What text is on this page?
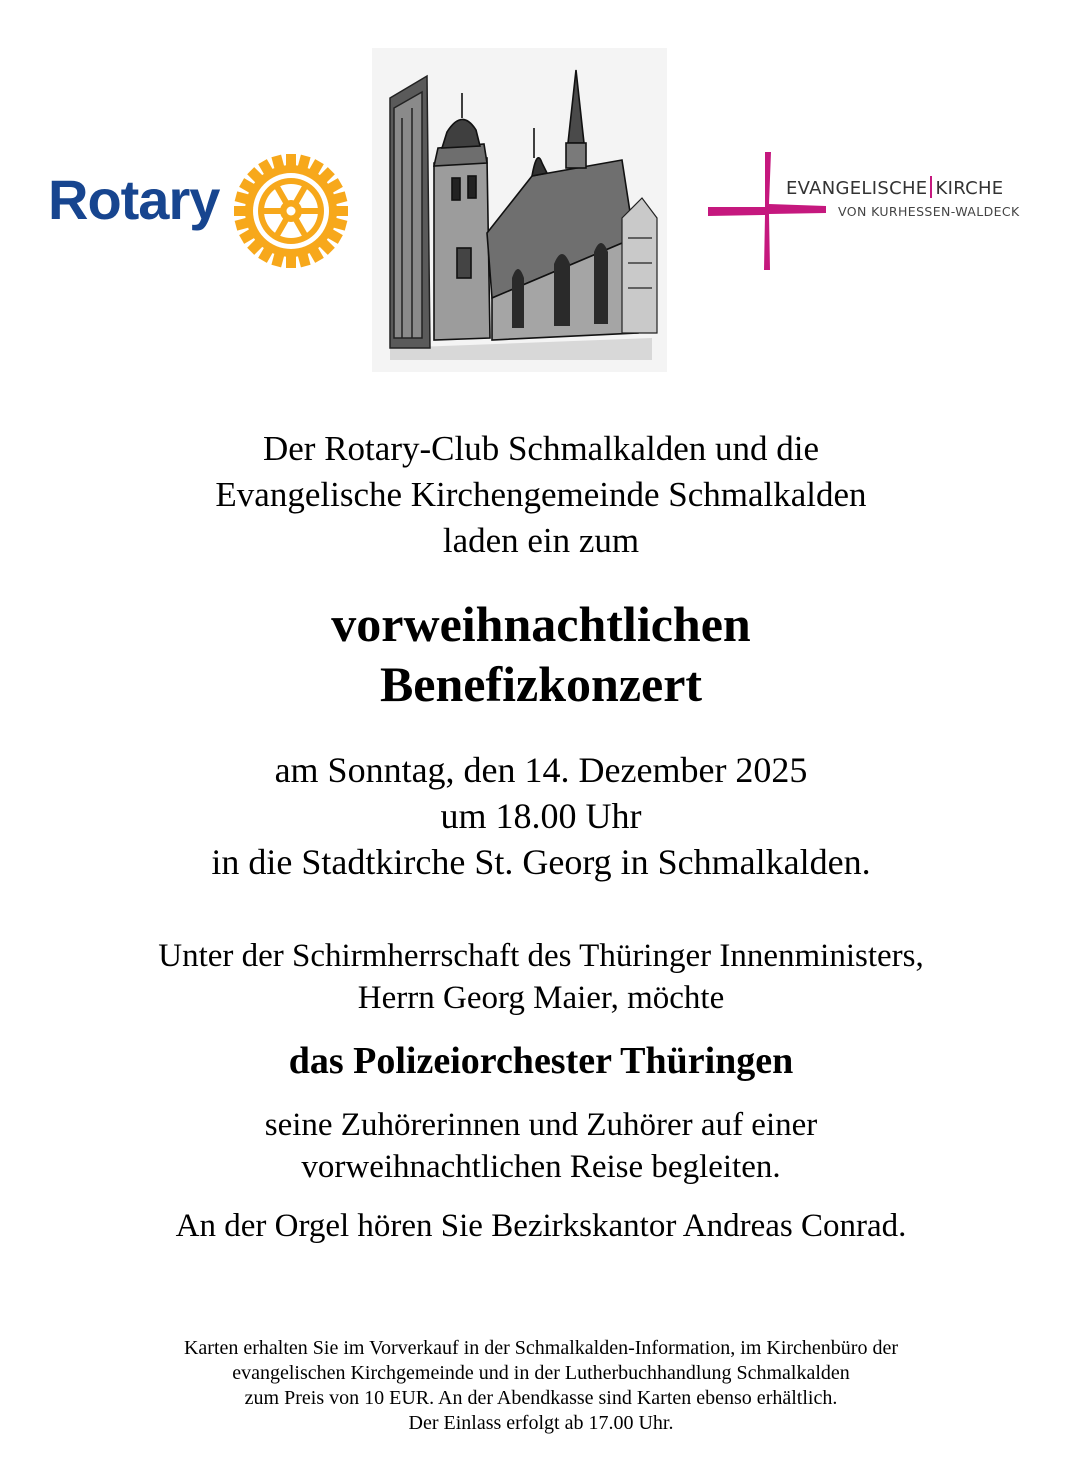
Rotary	EVANGELISCHE KIRCHE
VON KURHESSEN-WALDECK
Der Rotary-Club Schmalkalden und die
Evangelische Kirchengemeinde Schmalkalden
laden ein zum
vorweihnachtlichen
Benefizkonzert
am Sonntag, den 14. Dezember 2025
um 18.00 Uhr
in die Stadtkirche St. Georg in Schmalkalden.
Unter der Schirmherrschaft des Thüringer Innenministers,
Herrn Georg Maier, möchte
das Polizeiorchester Thüringen
seine Zuhörerinnen und Zuhörer auf einer
vorweihnachtlichen Reise begleiten.
An der Orgel hören Sie Bezirkskantor Andreas Conrad.
Karten erhalten Sie im Vorverkauf in der Schmalkalden-Information, im Kirchenbüro der
evangelischen Kirchgemeinde und in der Lutherbuchhandlung Schmalkalden
zum Preis von 10 EUR. An der Abendkasse sind Karten ebenso erhältlich.
Der Einlass erfolgt ab 17.00 Uhr.
